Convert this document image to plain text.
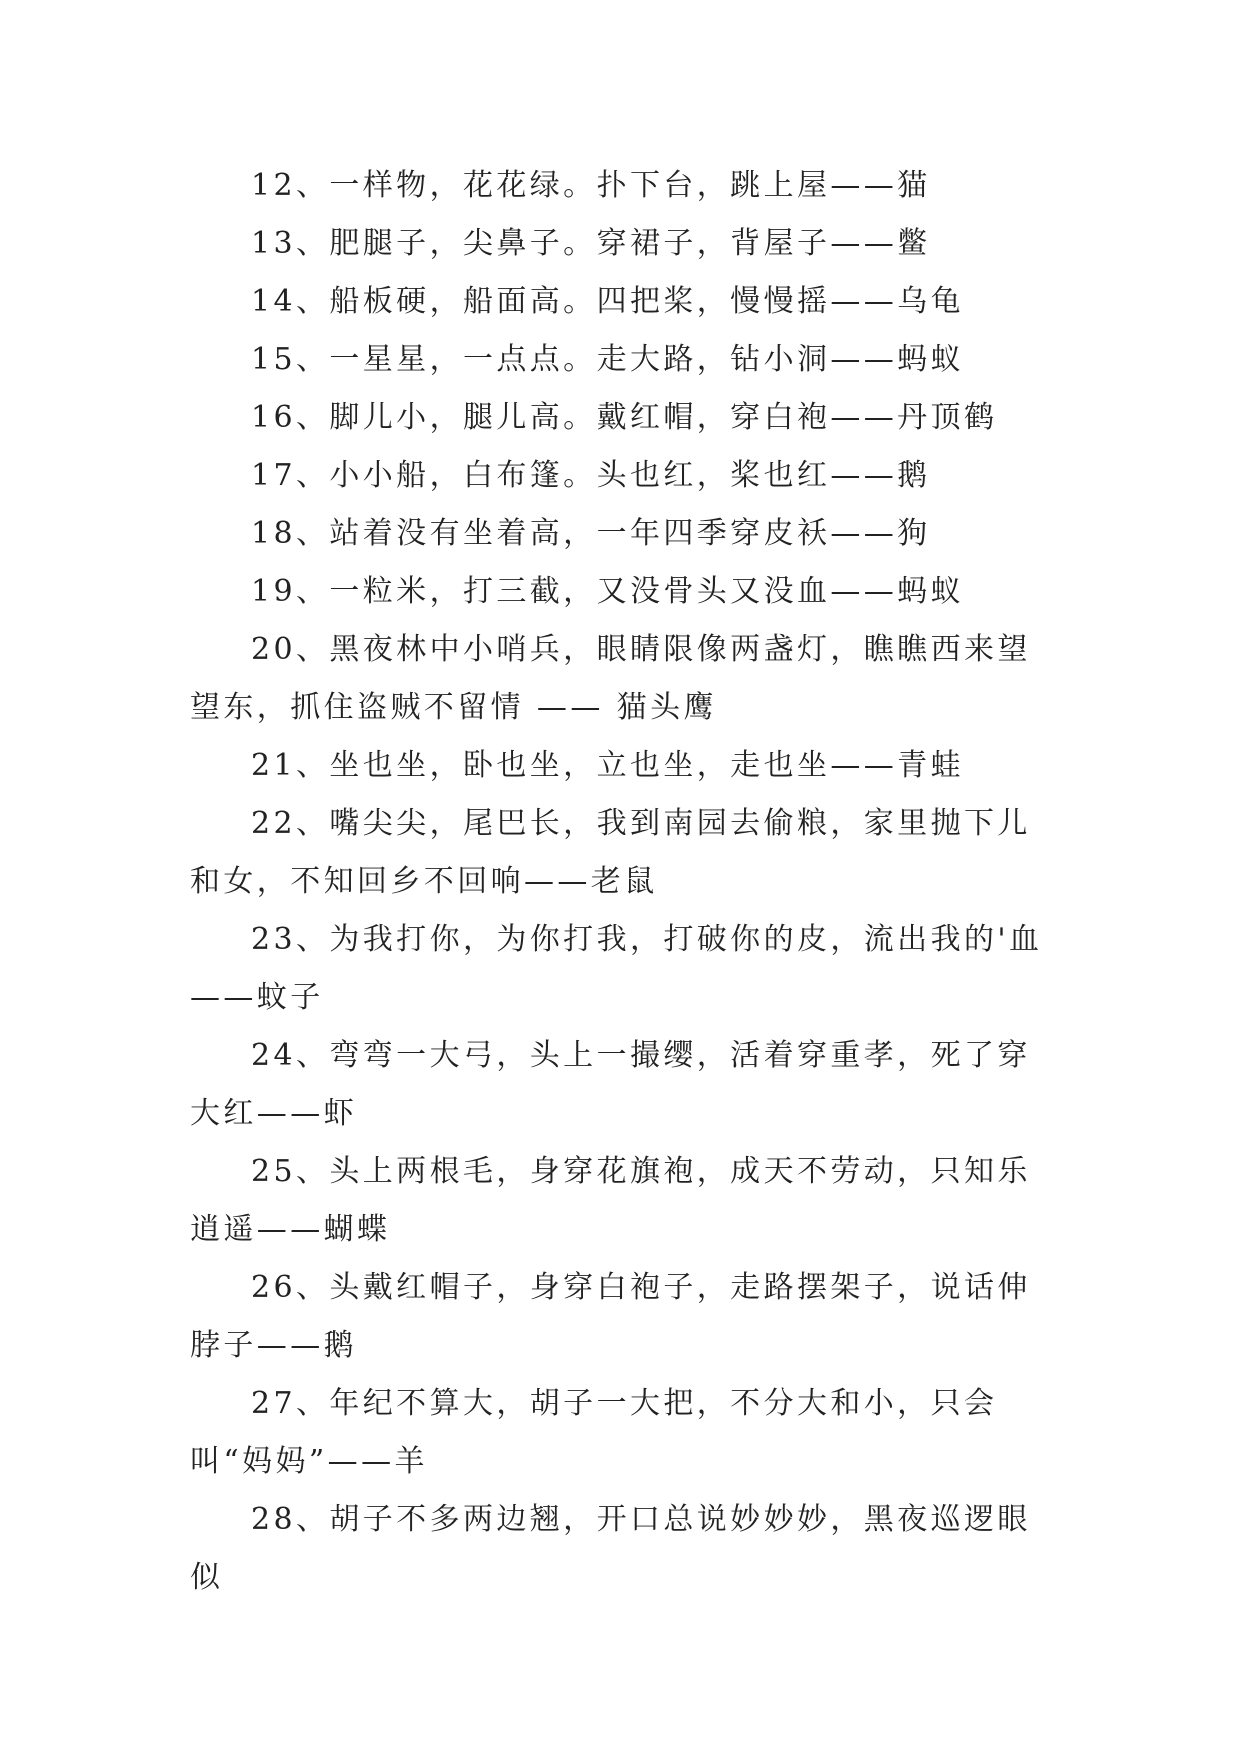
12、一样物，花花绿。扑下台，跳上屋——猫

13、肥腿子，尖鼻子。穿裙子，背屋子——鳖

14、船板硬，船面高。四把桨，慢慢摇——乌龟

15、一星星，一点点。走大路，钻小洞——蚂蚁

16、脚儿小，腿儿高。戴红帽，穿白袍——丹顶鹤

17、小小船，白布篷。头也红，桨也红——鹅

18、站着没有坐着高，一年四季穿皮袄——狗

19、一粒米，打三截，又没骨头又没血——蚂蚁

20、黑夜林中小哨兵，眼睛限像两盏灯，瞧瞧西来望望东，抓住盗贼不留情 —— 猫头鹰

21、坐也坐，卧也坐，立也坐，走也坐——青蛙

22、嘴尖尖，尾巴长，我到南园去偷粮，家里抛下儿和女，不知回乡不回响——老鼠

23、为我打你，为你打我，打破你的皮，流出我的'血——蚊子

24、弯弯一大弓，头上一撮缨，活着穿重孝，死了穿大红——虾

25、头上两根毛，身穿花旗袍，成天不劳动，只知乐逍遥——蝴蝶

26、头戴红帽子，身穿白袍子，走路摆架子，说话伸脖子——鹅

27、年纪不算大，胡子一大把，不分大和小，只会叫“妈妈”——羊

28、胡子不多两边翘，开口总说妙妙妙，黑夜巡逻眼似
